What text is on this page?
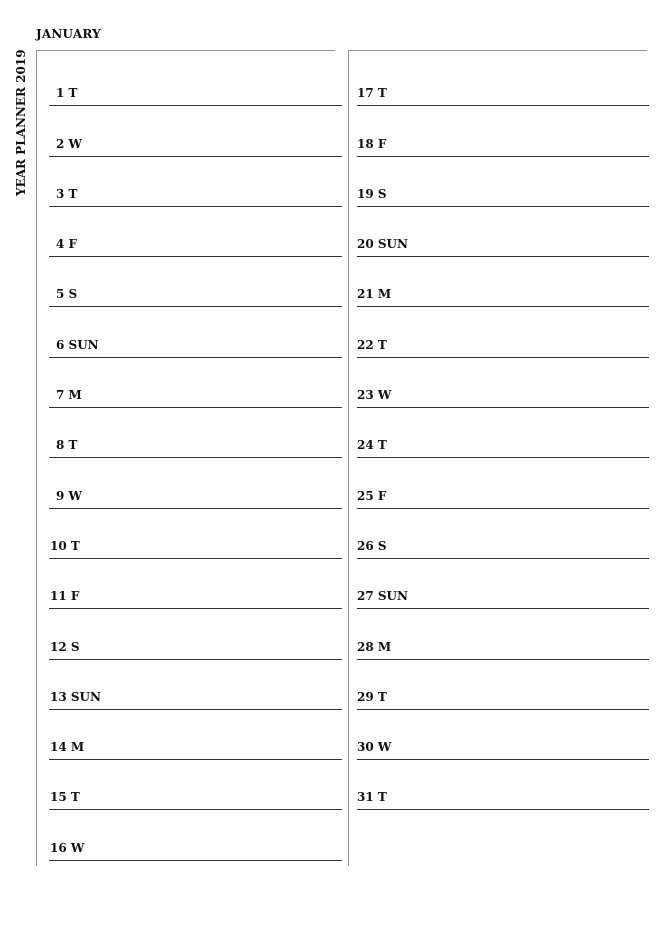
JANUARY
YEAR PLANNER 2019 1 T
2 W
3 T
4 F
5 S
6 SUN
7 M
8 T
9 W
10 T
11 F
12 S
13 SUN
14 M
15 T
16 W
17 T
18 F
19 S
20 SUN
21 M
22 T
23 W
24 T
25 F
26 S
27 SUN
28 M
29 T
30 W
31 T
